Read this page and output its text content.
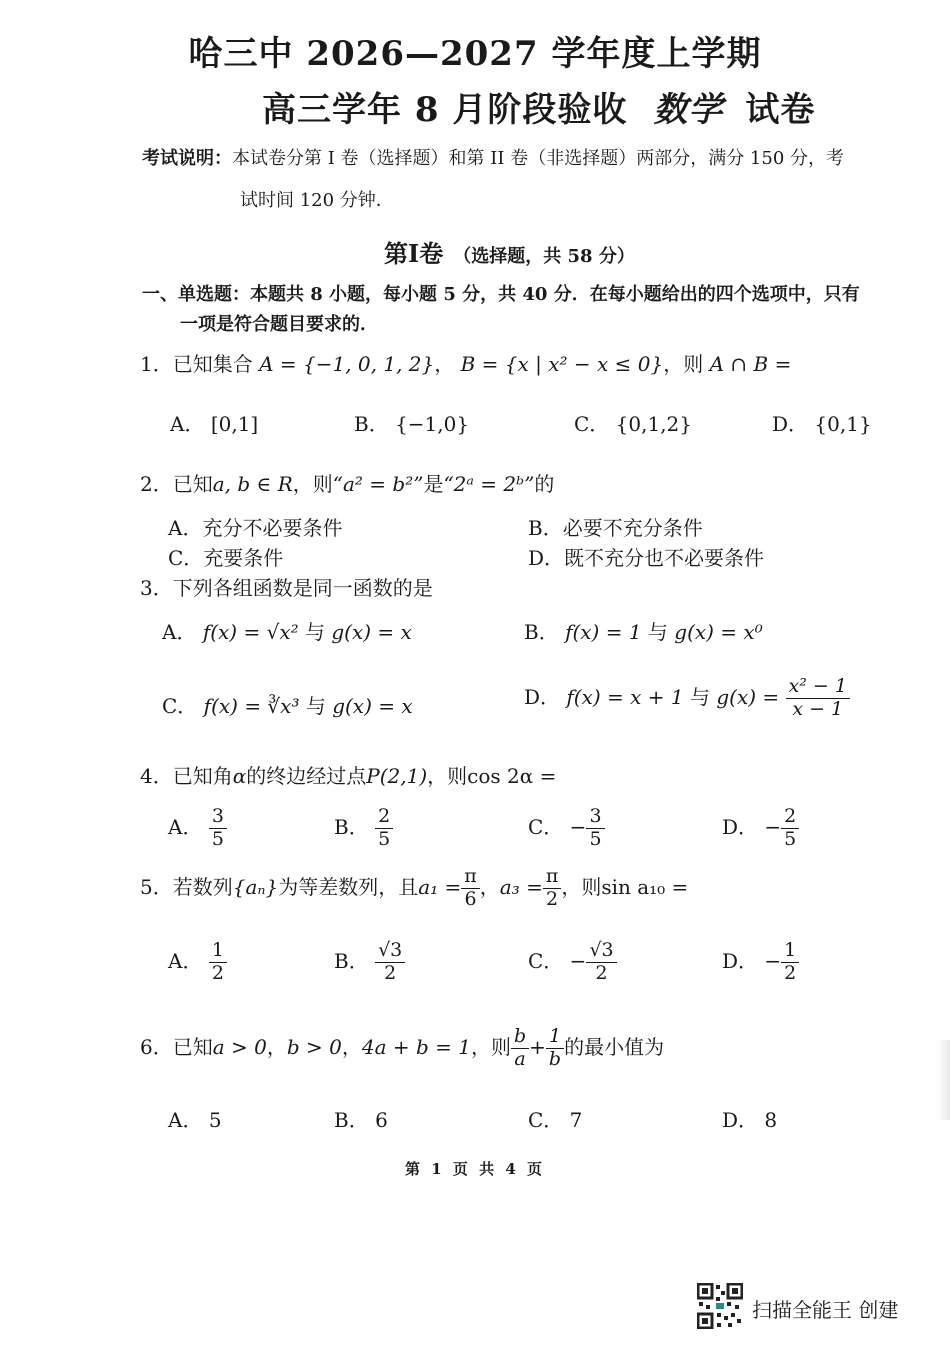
哈三中 2026—2027 学年度上学期
高三学年 8 月阶段验收 数学 试卷
考试说明：本试卷分第 I 卷（选择题）和第 II 卷（非选择题）两部分，满分 150 分，考
试时间 120 分钟．
第I卷 （选择题，共 58 分）
一、单选题：本题共 8 小题，每小题 5 分，共 40 分．在每小题给出的四个选项中，只有
一项是符合题目要求的．
1．已知集合 A = {−1, 0, 1, 2}， B = {x | x² − x ≤ 0}，则 A ∩ B =
A． [0,1]	B． {−1,0}	C． {0,1,2}	D． {0,1}
2．已知a, b ∈ R，则“a² = b²”是“2ᵃ = 2ᵇ”的
A．充分不必要条件	B．必要不充分条件
C．充要条件	D．既不充分也不必要条件
3．下列各组函数是同一函数的是
A． f(x) = √x² 与 g(x) = x	B． f(x) = 1 与 g(x) = x⁰
C． f(x) = ∛x³ 与 g(x) = x	D． f(x) = x + 1 与 $g(x) = \frac{\text{x² − 1}}{x - 1}$
4．已知角α的终边经过点P(2,1)，则cos 2α =
A． $\frac{3}{5}$	B． $\frac{2}{5}$	C． − $\frac{3}{5}$	D． − $\frac{2}{5}$
5．若数列{aₙ}为等差数列，且$a_1 = \frac{\pi}{6}$ ，$a_3 = \frac{\pi}{2}$ ，则sin a₁₀ =
A． $\frac{1}{2}$	B． $\frac{√3}{2}$	C． − $\frac{√3}{2}$	D． − $\frac{1}{2}$
6．已知a > 0，b > 0，4a + b = 1，则 $\frac{b}{a} + \frac{1}{b}$ 的最小值为
A． 5	B． 6	C． 7	D． 8
第 1 页 共 4 页
扫描全能王 创建
